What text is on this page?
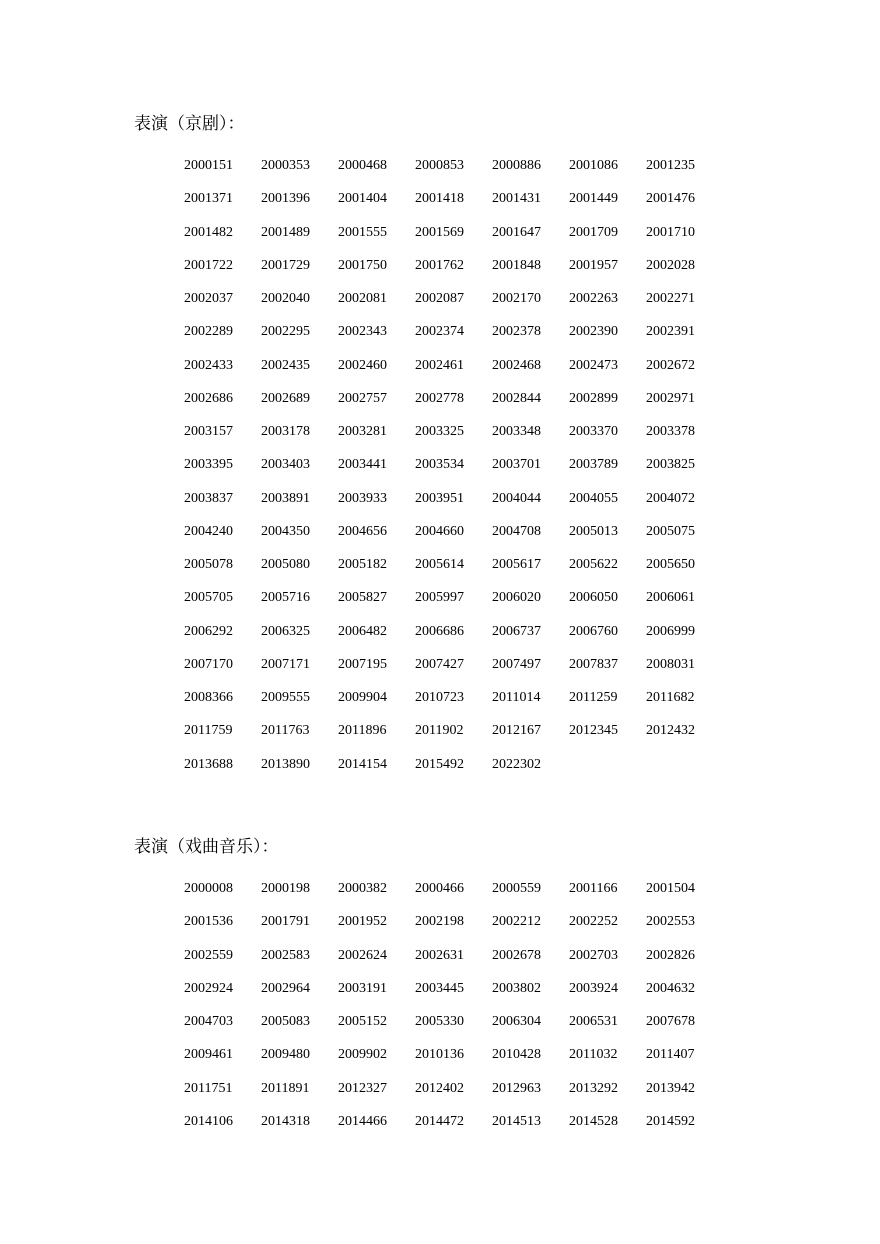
表演（京剧）：
2000151	2000353	2000468	2000853	2000886	2001086	2001235
2001371	2001396	2001404	2001418	2001431	2001449	2001476
2001482	2001489	2001555	2001569	2001647	2001709	2001710
2001722	2001729	2001750	2001762	2001848	2001957	2002028
2002037	2002040	2002081	2002087	2002170	2002263	2002271
2002289	2002295	2002343	2002374	2002378	2002390	2002391
2002433	2002435	2002460	2002461	2002468	2002473	2002672
2002686	2002689	2002757	2002778	2002844	2002899	2002971
2003157	2003178	2003281	2003325	2003348	2003370	2003378
2003395	2003403	2003441	2003534	2003701	2003789	2003825
2003837	2003891	2003933	2003951	2004044	2004055	2004072
2004240	2004350	2004656	2004660	2004708	2005013	2005075
2005078	2005080	2005182	2005614	2005617	2005622	2005650
2005705	2005716	2005827	2005997	2006020	2006050	2006061
2006292	2006325	2006482	2006686	2006737	2006760	2006999
2007170	2007171	2007195	2007427	2007497	2007837	2008031
2008366	2009555	2009904	2010723	2011014	2011259	2011682
2011759	2011763	2011896	2011902	2012167	2012345	2012432
2013688	2013890	2014154	2015492	2022302
表演（戏曲音乐）：
2000008	2000198	2000382	2000466	2000559	2001166	2001504
2001536	2001791	2001952	2002198	2002212	2002252	2002553
2002559	2002583	2002624	2002631	2002678	2002703	2002826
2002924	2002964	2003191	2003445	2003802	2003924	2004632
2004703	2005083	2005152	2005330	2006304	2006531	2007678
2009461	2009480	2009902	2010136	2010428	2011032	2011407
2011751	2011891	2012327	2012402	2012963	2013292	2013942
2014106	2014318	2014466	2014472	2014513	2014528	2014592
